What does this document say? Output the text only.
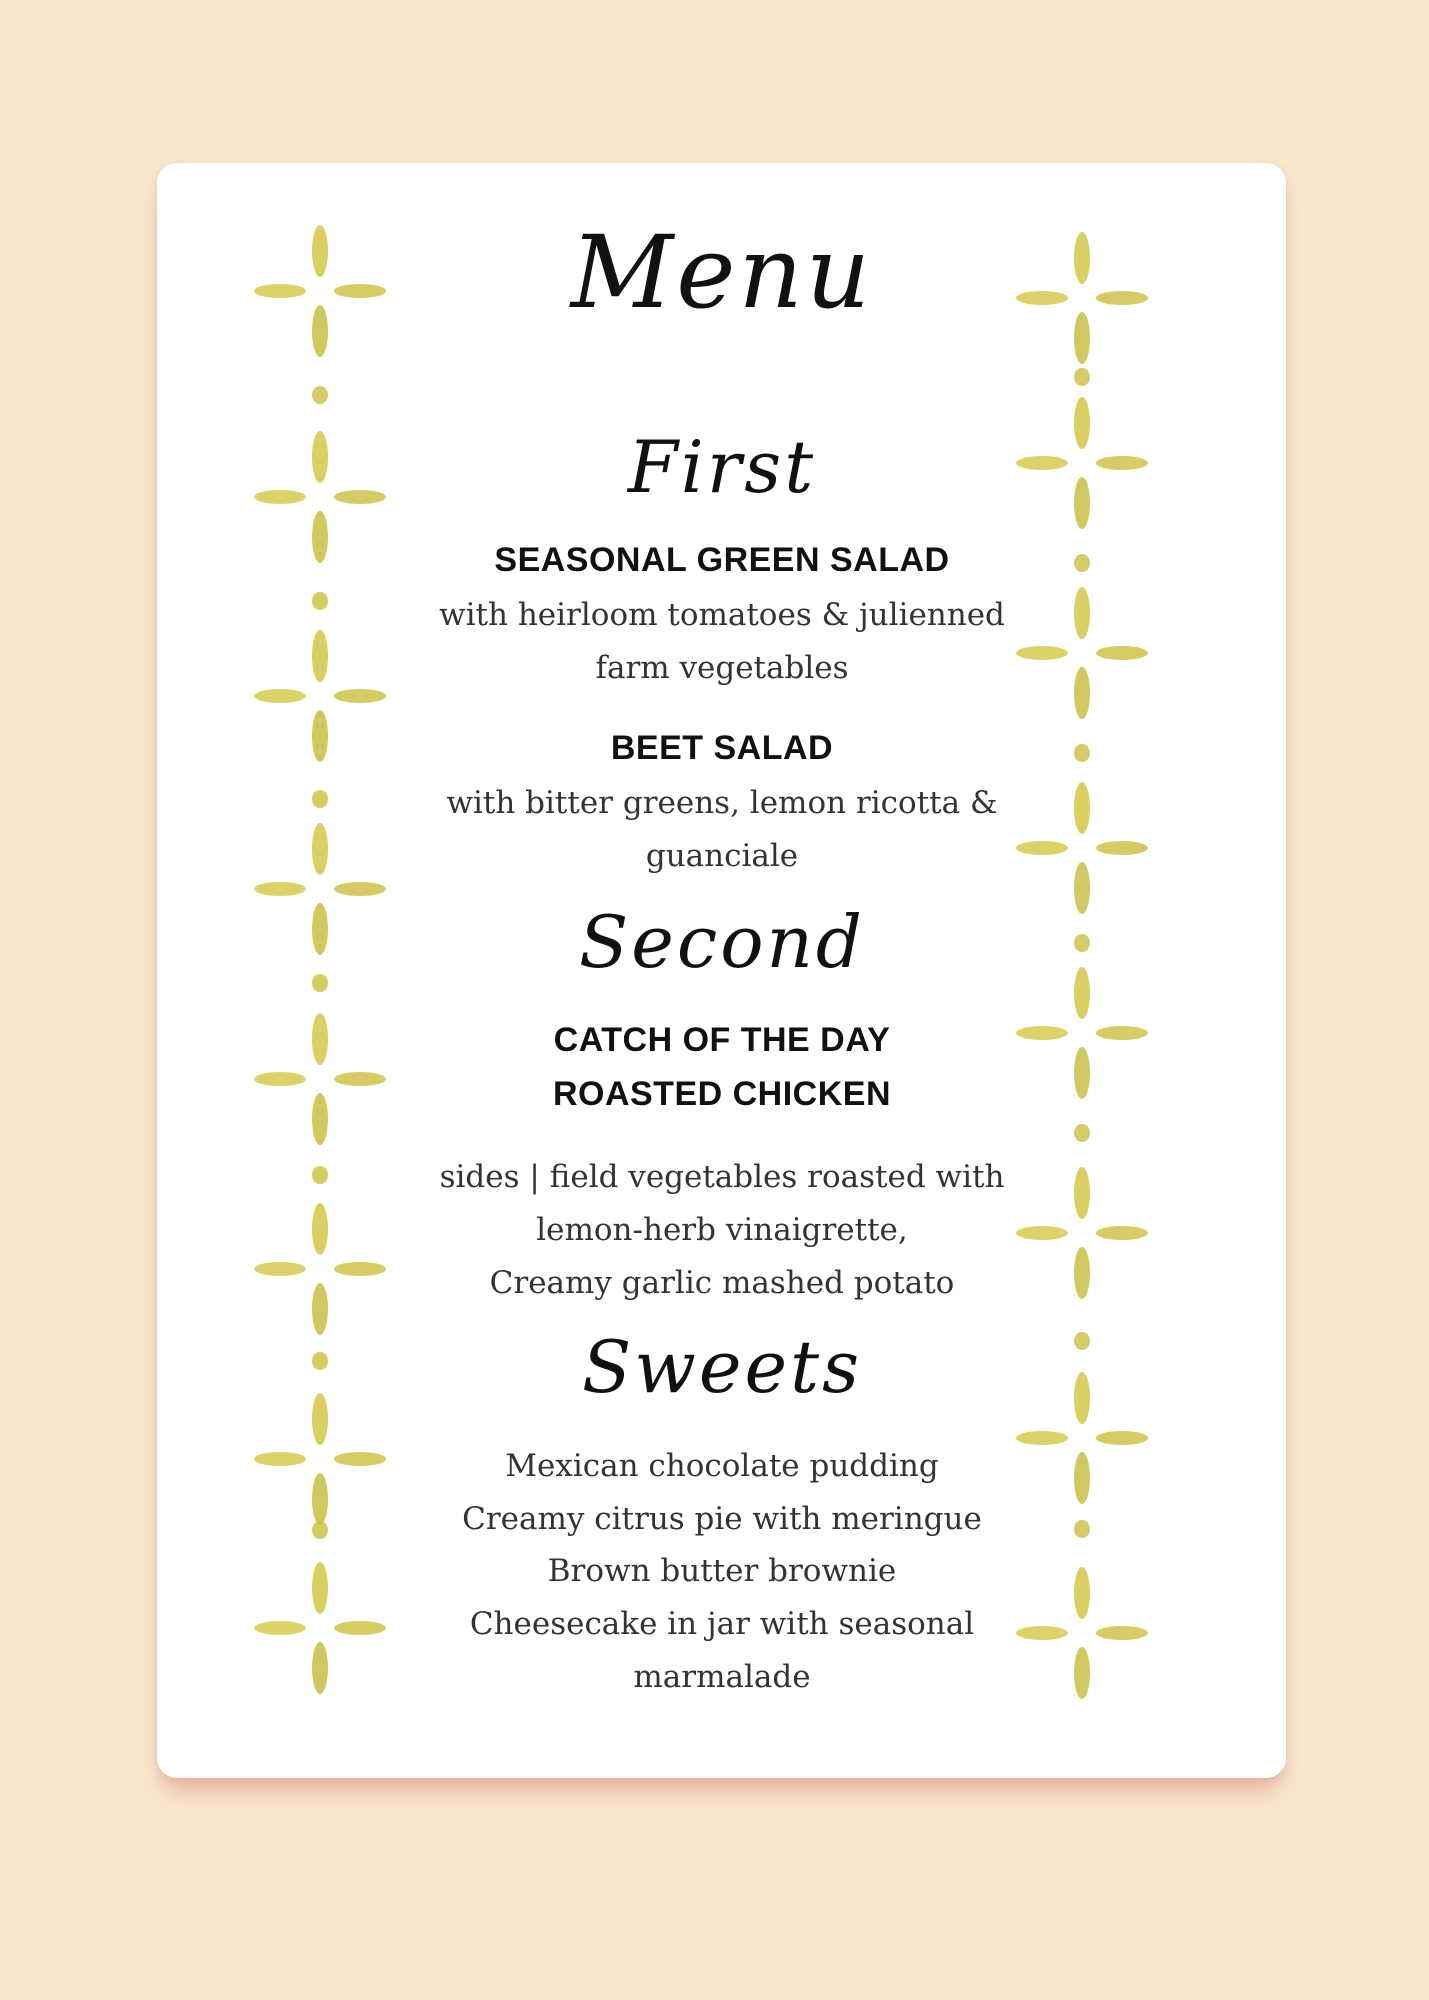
Menu
First
SEASONAL GREEN SALAD
with heirloom tomatoes & julienned
farm vegetables
BEET SALAD
with bitter greens, lemon ricotta &
guanciale
Second
CATCH OF THE DAY
ROASTED CHICKEN
sides | field vegetables roasted with
lemon-herb vinaigrette,
Creamy garlic mashed potato
Sweets
Mexican chocolate pudding
Creamy citrus pie with meringue
Brown butter brownie
Cheesecake in jar with seasonal
marmalade
